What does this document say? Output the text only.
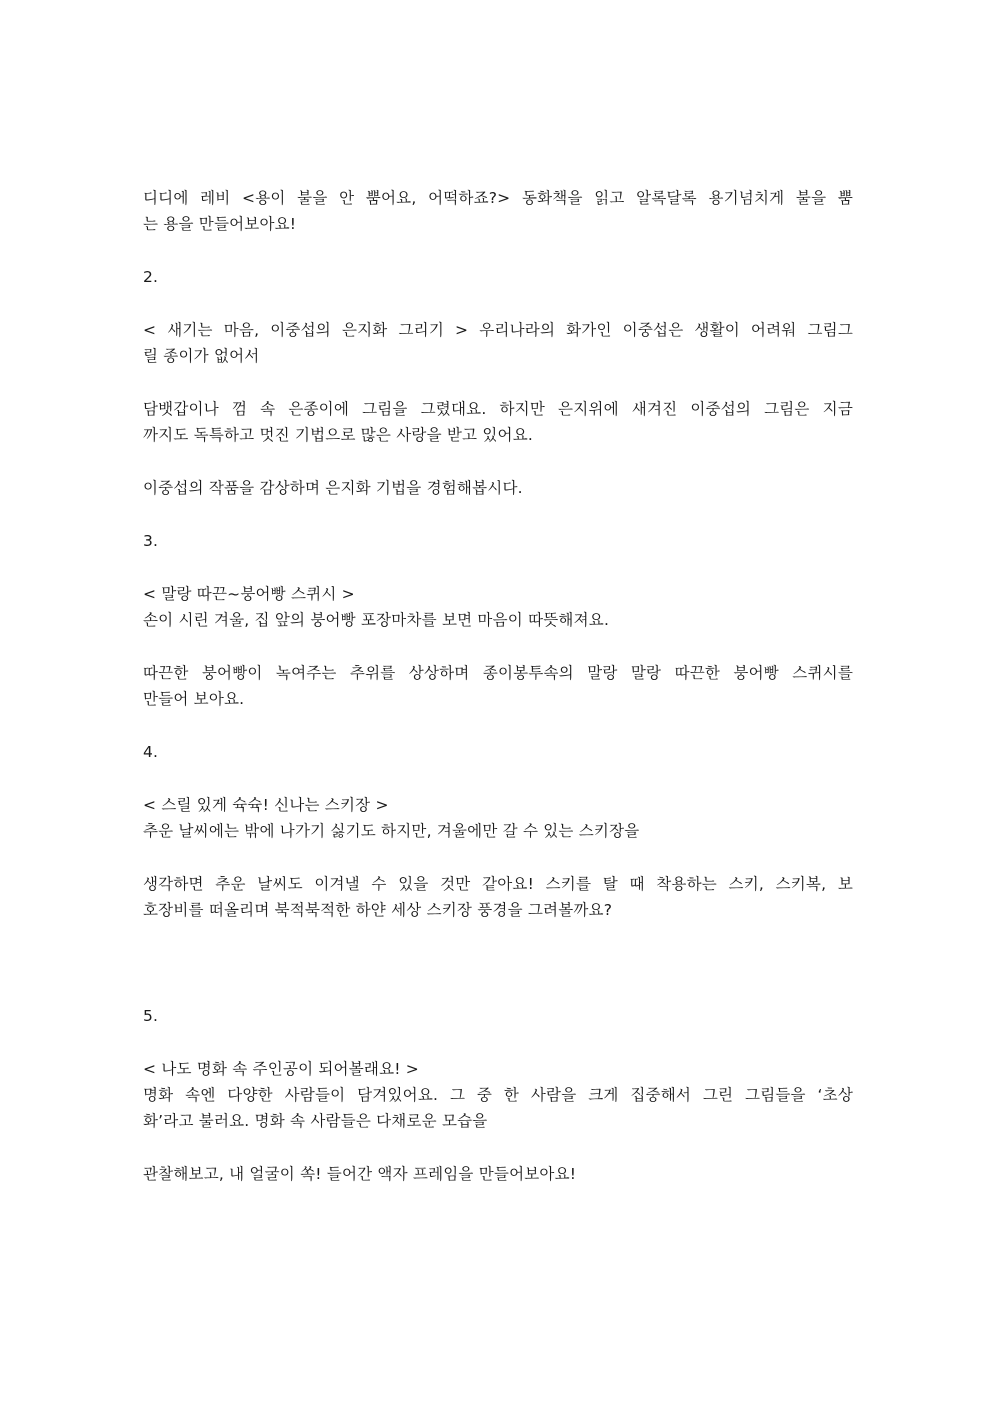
디디에 레비 <용이 불을 안 뿜어요, 어떡하죠?> 동화책을 읽고 알록달록 용기넘치게 불을 뿜
는 용을 만들어보아요!
2.
< 새기는 마음, 이중섭의 은지화 그리기 > 우리나라의 화가인 이중섭은 생활이 어려워 그림그
릴 종이가 없어서
담뱃갑이나 껌 속 은종이에 그림을 그렸대요. 하지만 은지위에 새겨진 이중섭의 그림은 지금
까지도 독특하고 멋진 기법으로 많은 사랑을 받고 있어요.
이중섭의 작품을 감상하며 은지화 기법을 경험해봅시다.
3.
< 말랑 따끈~붕어빵 스퀴시 >
손이 시린 겨울, 집 앞의 붕어빵 포장마차를 보면 마음이 따뜻해져요.
따끈한 붕어빵이 녹여주는 추위를 상상하며 종이봉투속의 말랑 말랑 따끈한 붕어빵 스퀴시를
만들어 보아요.
4.
< 스릴 있게 슉슉! 신나는 스키장 >
추운 날씨에는 밖에 나가기 싫기도 하지만, 겨울에만 갈 수 있는 스키장을
생각하면 추운 날씨도 이겨낼 수 있을 것만 같아요! 스키를 탈 때 착용하는 스키, 스키복, 보
호장비를 떠올리며 북적북적한 하얀 세상 스키장 풍경을 그려볼까요?
5.
< 나도 명화 속 주인공이 되어볼래요! >
명화 속엔 다양한 사람들이 담겨있어요. 그 중 한 사람을 크게 집중해서 그린 그림들을 ‘초상
화’라고 불러요. 명화 속 사람들은 다채로운 모습을
관찰해보고, 내 얼굴이 쏙! 들어간 액자 프레임을 만들어보아요!
